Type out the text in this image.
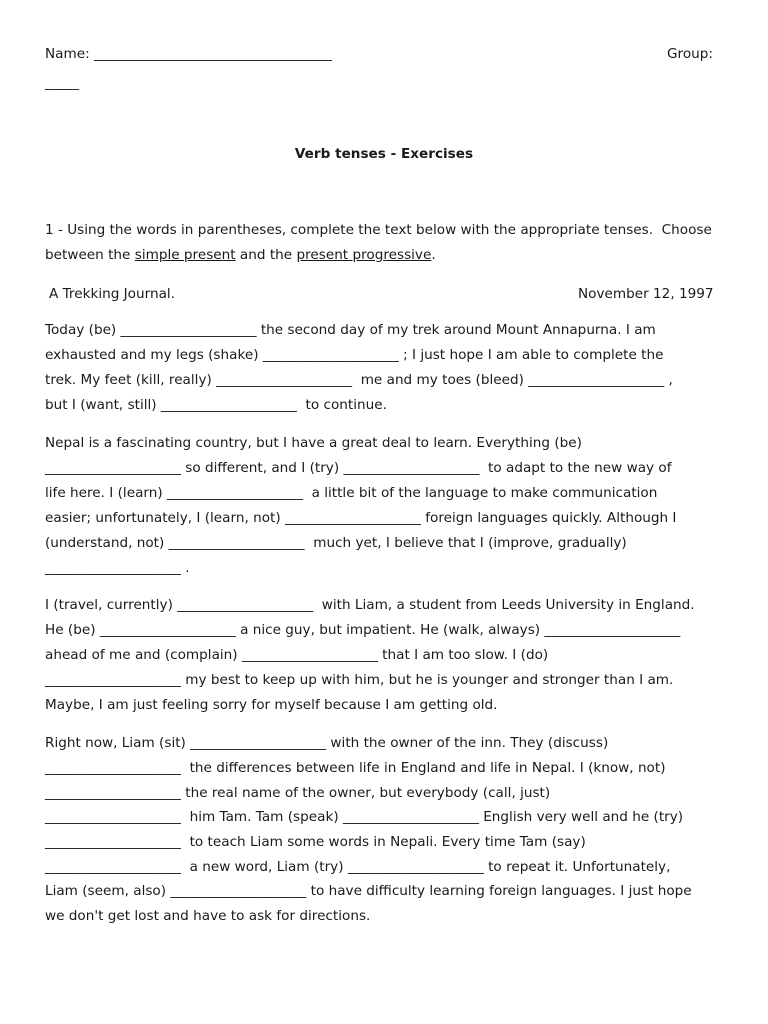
Name: ___________________________________	Group:
_____
Verb tenses - Exercises
1 - Using the words in parentheses, complete the text below with the appropriate tenses.  Choose
between the simple present and the present progressive.
A Trekking Journal.	November 12, 1997
Today (be) ____________________ the second day of my trek around Mount Annapurna. I am
exhausted and my legs (shake) ____________________ ; I just hope I am able to complete the
trek. My feet (kill, really) ____________________  me and my toes (bleed) ____________________ ,
but I (want, still) ____________________  to continue.
Nepal is a fascinating country, but I have a great deal to learn. Everything (be)
____________________ so different, and I (try) ____________________  to adapt to the new way of
life here. I (learn) ____________________  a little bit of the language to make communication
easier; unfortunately, I (learn, not) ____________________ foreign languages quickly. Although I
(understand, not) ____________________  much yet, I believe that I (improve, gradually)
____________________ .
I (travel, currently) ____________________  with Liam, a student from Leeds University in England.
He (be) ____________________ a nice guy, but impatient. He (walk, always) ____________________
ahead of me and (complain) ____________________ that I am too slow. I (do)
____________________ my best to keep up with him, but he is younger and stronger than I am.
Maybe, I am just feeling sorry for myself because I am getting old.
Right now, Liam (sit) ____________________ with the owner of the inn. They (discuss)
____________________  the differences between life in England and life in Nepal. I (know, not)
____________________ the real name of the owner, but everybody (call, just)
____________________  him Tam. Tam (speak) ____________________ English very well and he (try)
____________________  to teach Liam some words in Nepali. Every time Tam (say)
____________________  a new word, Liam (try) ____________________ to repeat it. Unfortunately,
Liam (seem, also) ____________________ to have difficulty learning foreign languages. I just hope
we don't get lost and have to ask for directions.
